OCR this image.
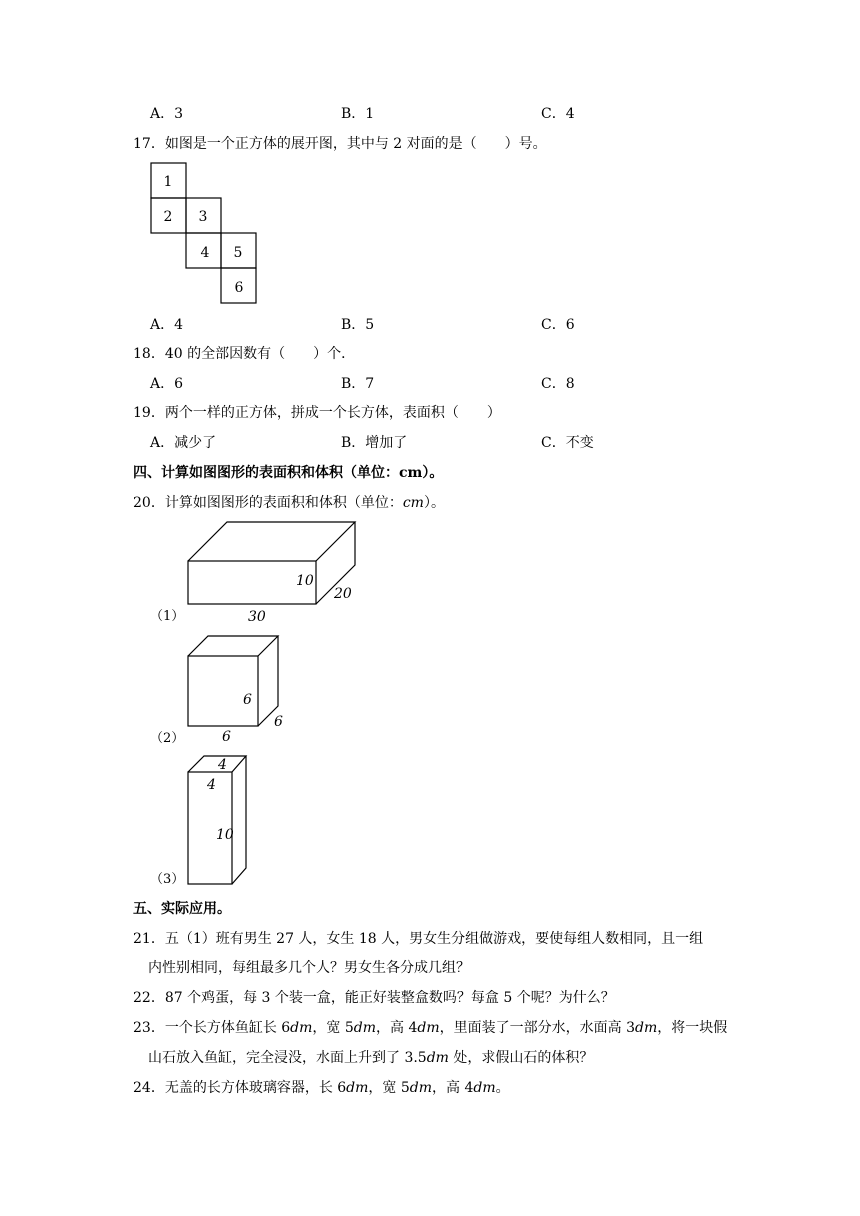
A．3	B．1	C．4
17．如图是一个正方体的展开图，其中与 2 对面的是（　　）号。
1
2 3
4 5
6
A．4	B．5	C．6
18．40 的全部因数有（　　）个．
A．6	B．7	C．8
19．两个一样的正方体，拼成一个长方体，表面积（　　）
A．减少了	B．增加了	C．不变
四、计算如图图形的表面积和体积（单位：cm）。
20．计算如图图形的表面积和体积（单位：cm）。
（1）
10
20
30
（2）
6
6
6
（3）
4
4
10
五、实际应用。
21．五（1）班有男生 27 人，女生 18 人，男女生分组做游戏，要使每组人数相同，且一组
内性别相同，每组最多几个人？男女生各分成几组？
22．87 个鸡蛋，每 3 个装一盒，能正好装整盒数吗？每盒 5 个呢？为什么？
23．一个长方体鱼缸长 6dm，宽 5dm，高 4dm，里面装了一部分水，水面高 3dm，将一块假
山石放入鱼缸，完全浸没，水面上升到了 3.5dm 处，求假山石的体积？
24．无盖的长方体玻璃容器，长 6dm，宽 5dm，高 4dm。
